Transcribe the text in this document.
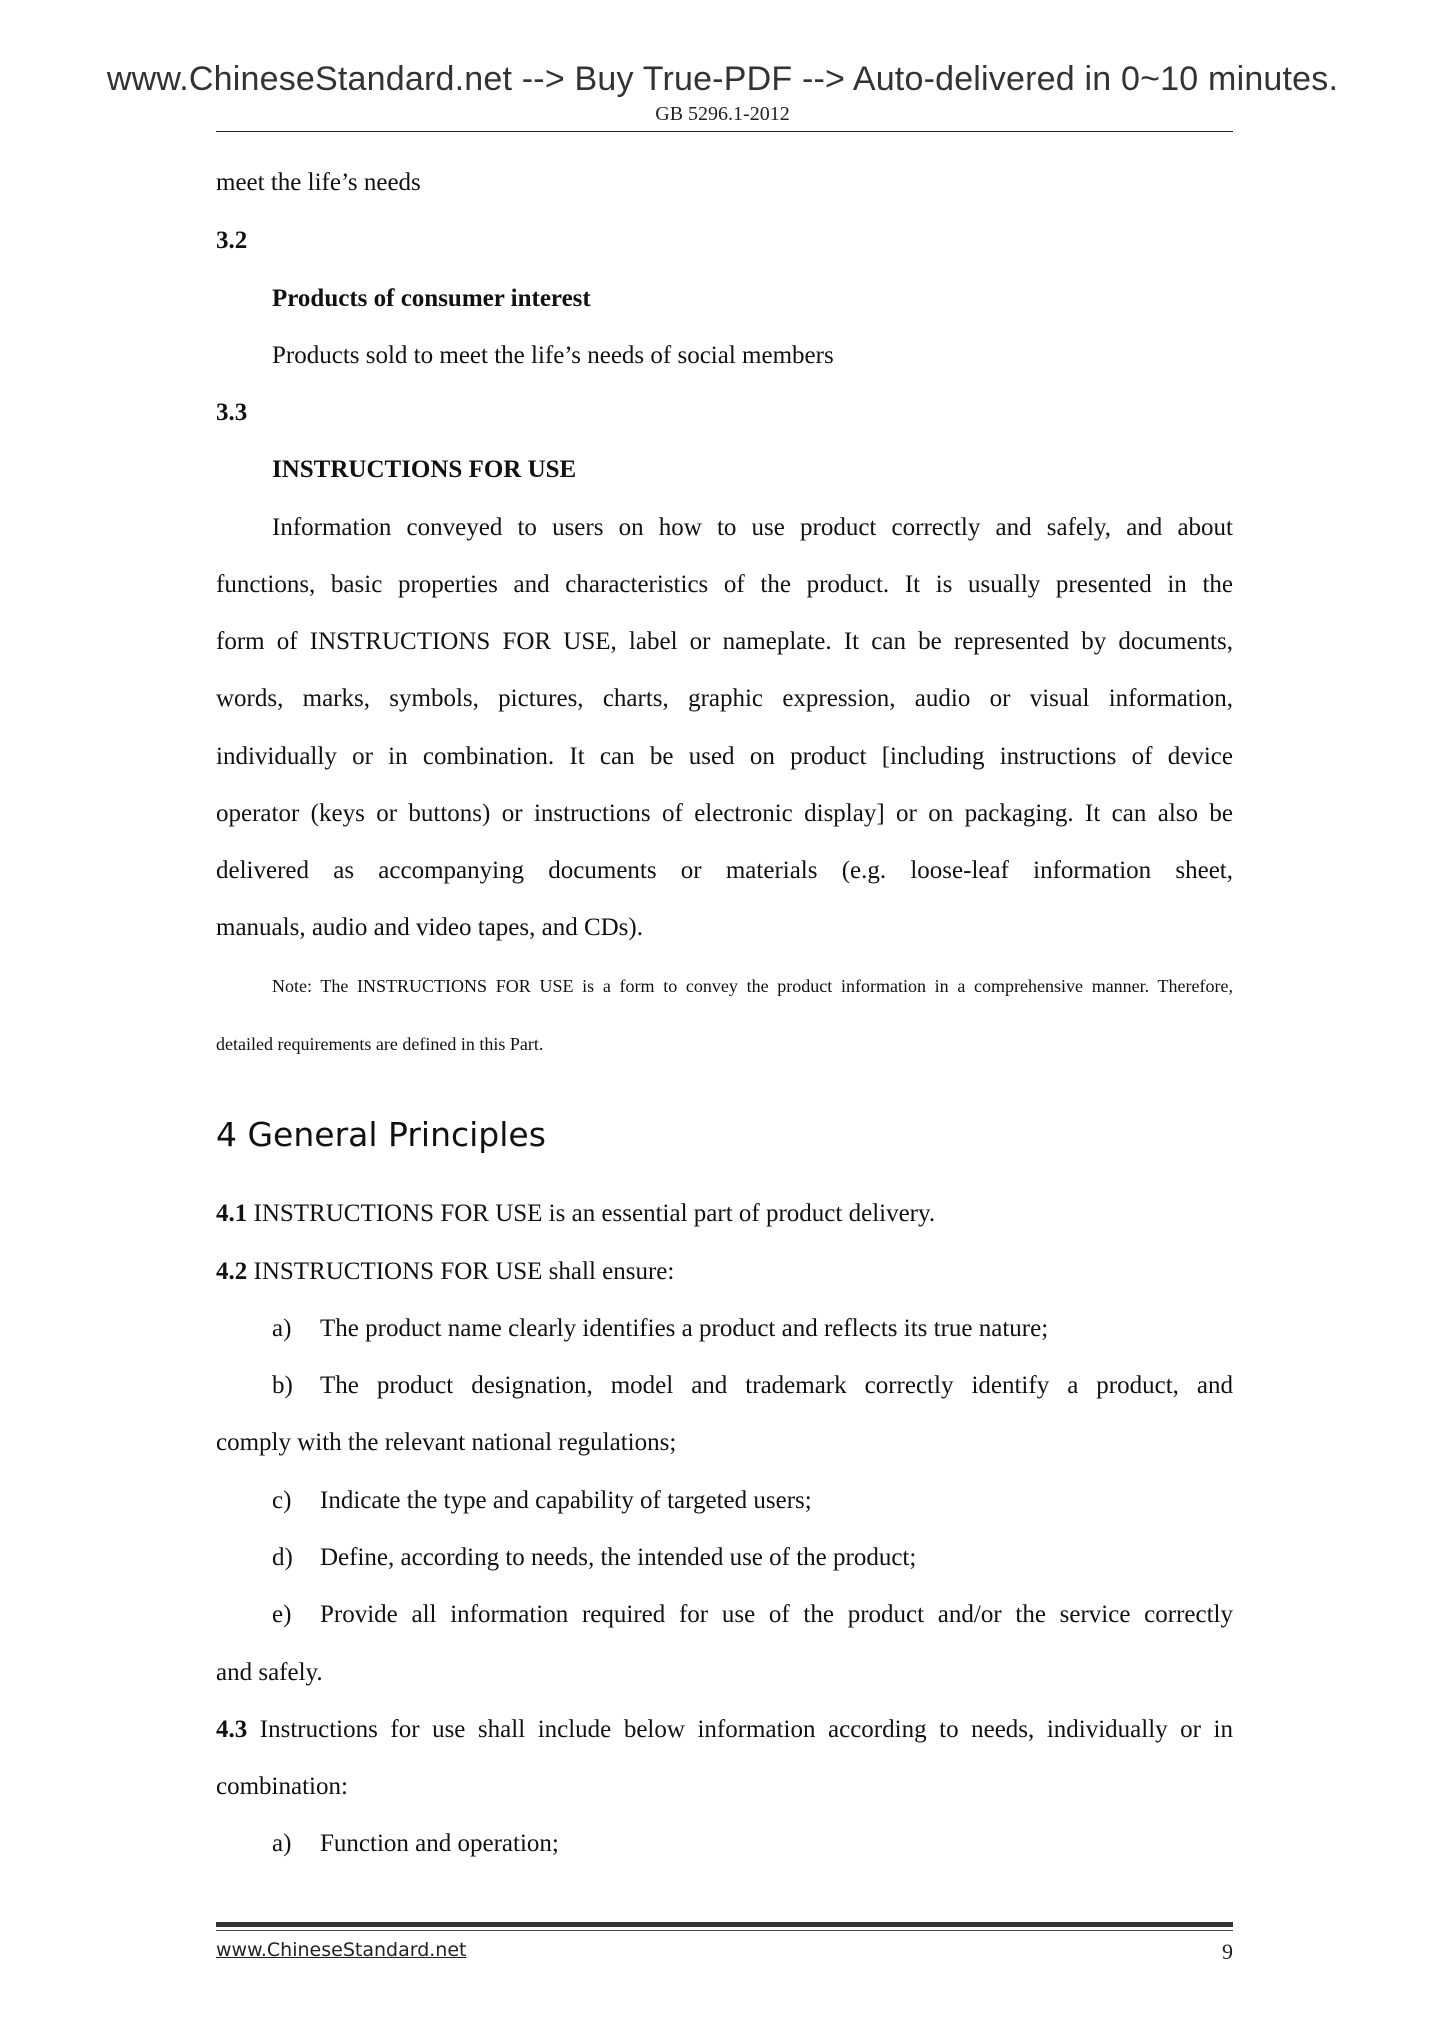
www.ChineseStandard.net --> Buy True-PDF --> Auto-delivered in 0~10 minutes.
GB 5296.1-2012

meet the life’s needs

3.2

Products of consumer interest

Products sold to meet the life’s needs of social members

3.3

INSTRUCTIONS FOR USE

Information conveyed to users on how to use product correctly and safely, and about

functions, basic properties and characteristics of the product. It is usually presented in the

form of INSTRUCTIONS FOR USE, label or nameplate. It can be represented by documents,

words, marks, symbols, pictures, charts, graphic expression, audio or visual information,

individually or in combination. It can be used on product [including instructions of device

operator (keys or buttons) or instructions of electronic display] or on packaging. It can also be

delivered as accompanying documents or materials (e.g. loose-leaf information sheet,

manuals, audio and video tapes, and CDs).

Note: The INSTRUCTIONS FOR USE is a form to convey the product information in a comprehensive manner. Therefore,

detailed requirements are defined in this Part.

4 General Principles

4.1 INSTRUCTIONS FOR USE is an essential part of product delivery.

4.2 INSTRUCTIONS FOR USE shall ensure:

a) The product name clearly identifies a product and reflects its true nature;

b)	The product designation, model and trademark correctly identify a product, and

comply with the relevant national regulations;

c) Indicate the type and capability of targeted users;

d) Define, according to needs, the intended use of the product;

e)	Provide all information required for use of the product and/or the service correctly

and safely.

4.3 Instructions for use shall include below information according to needs, individually or in

combination:

a) Function and operation;

www.ChineseStandard.net	9
